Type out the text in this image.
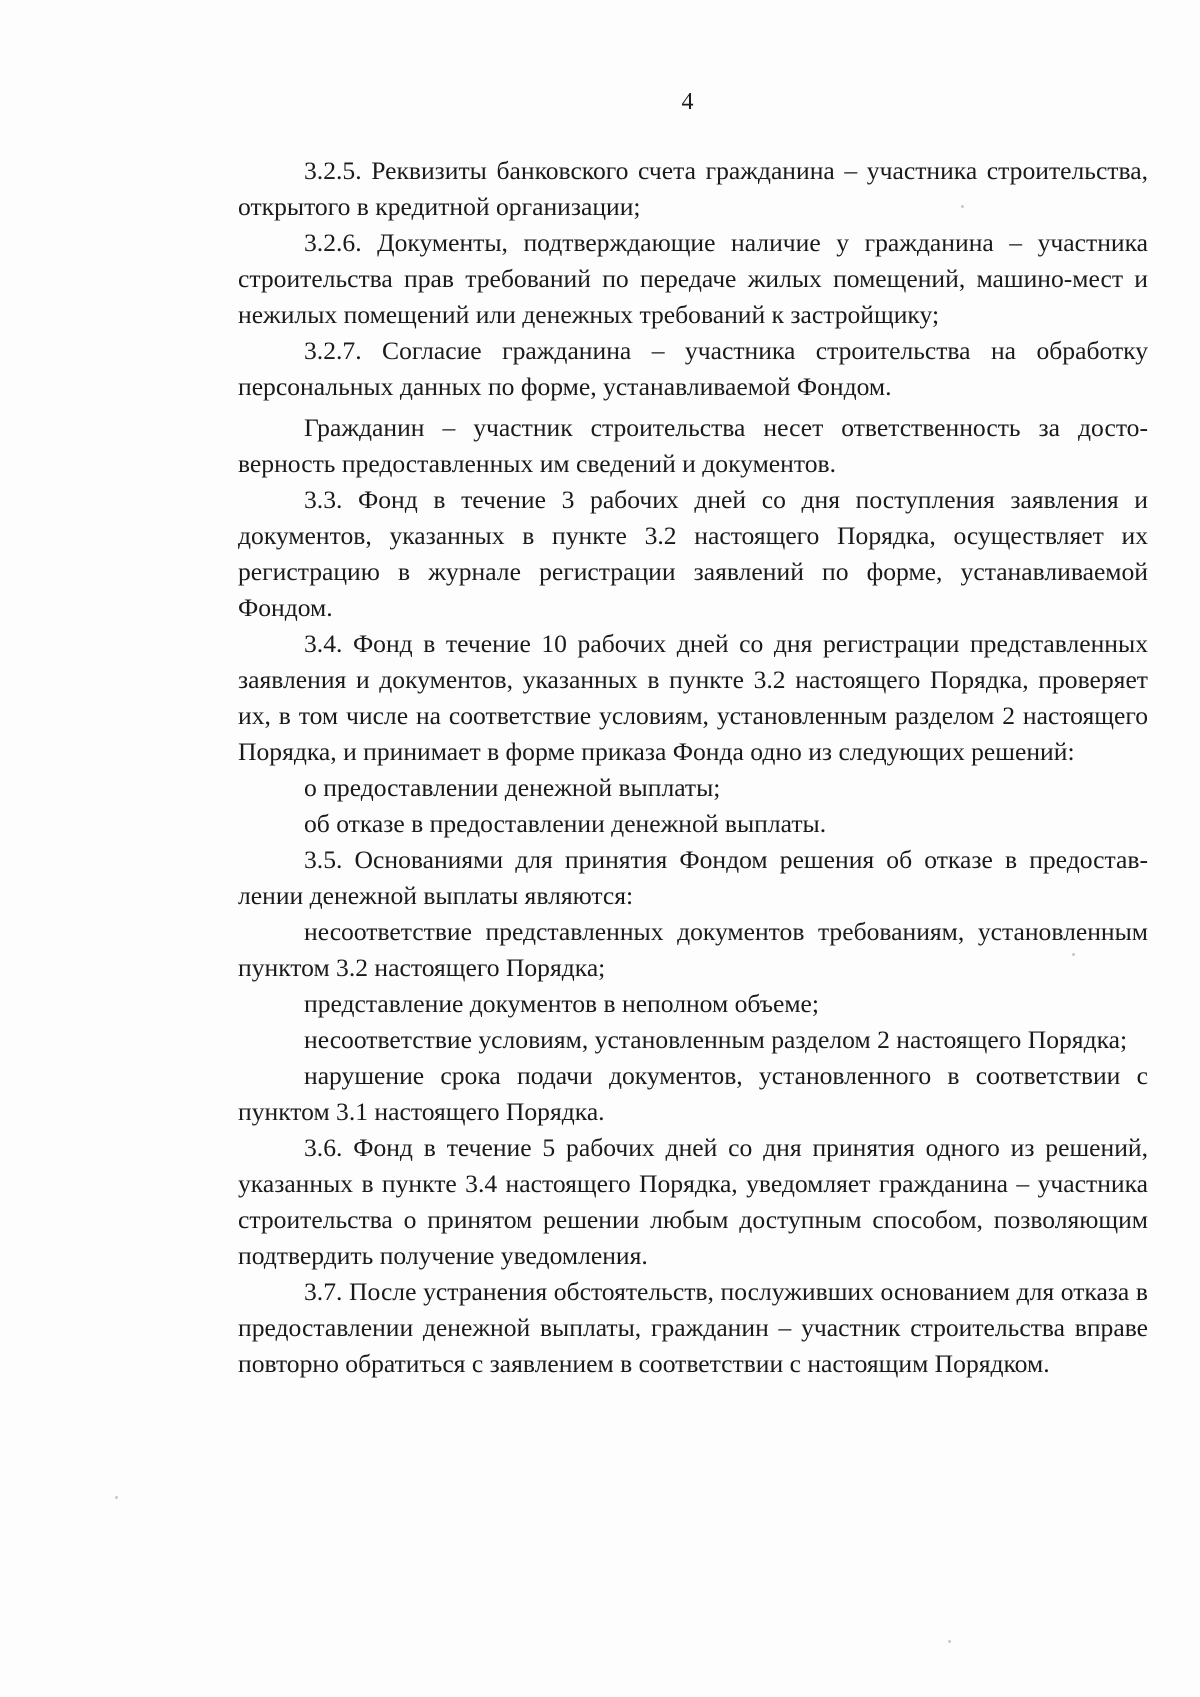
4

3.2.5. Реквизиты банковского счета гражданина – участника строительства, открытого в кредитной организации;

3.2.6. Документы, подтверждающие наличие у гражданина – участника строительства прав требований по передаче жилых помещений, машино-мест и нежилых помещений или денежных требований к застройщику;

3.2.7. Согласие гражданина – участника строительства на обработку персональных данных по форме, устанавливаемой Фондом.

Гражданин – участник строительства несет ответственность за достоверность предоставленных им сведений и документов.

3.3. Фонд в течение 3 рабочих дней со дня поступления заявления и документов, указанных в пункте 3.2 настоящего Порядка, осуществляет их регистрацию в журнале регистрации заявлений по форме, устанавливаемой Фондом.

3.4. Фонд в течение 10 рабочих дней со дня регистрации представленных заявления и документов, указанных в пункте 3.2 настоящего Порядка, проверяет их, в том числе на соответствие условиям, установленным разделом 2 настоящего Порядка, и принимает в форме приказа Фонда одно из следующих решений:

о предоставлении денежной выплаты;

об отказе в предоставлении денежной выплаты.

3.5. Основаниями для принятия Фондом решения об отказе в предоставлении денежной выплаты являются:

несоответствие представленных документов требованиям, установленным пунктом 3.2 настоящего Порядка;

представление документов в неполном объеме;

несоответствие условиям, установленным разделом 2 настоящего Порядка;

нарушение срока подачи документов, установленного в соответствии с пунктом 3.1 настоящего Порядка.

3.6. Фонд в течение 5 рабочих дней со дня принятия одного из решений, указанных в пункте 3.4 настоящего Порядка, уведомляет гражданина – участника строительства о принятом решении любым доступным способом, позволяющим подтвердить получение уведомления.

3.7. После устранения обстоятельств, послуживших основанием для отказа в предоставлении денежной выплаты, гражданин – участник строительства вправе повторно обратиться с заявлением в соответствии с настоящим Порядком.
